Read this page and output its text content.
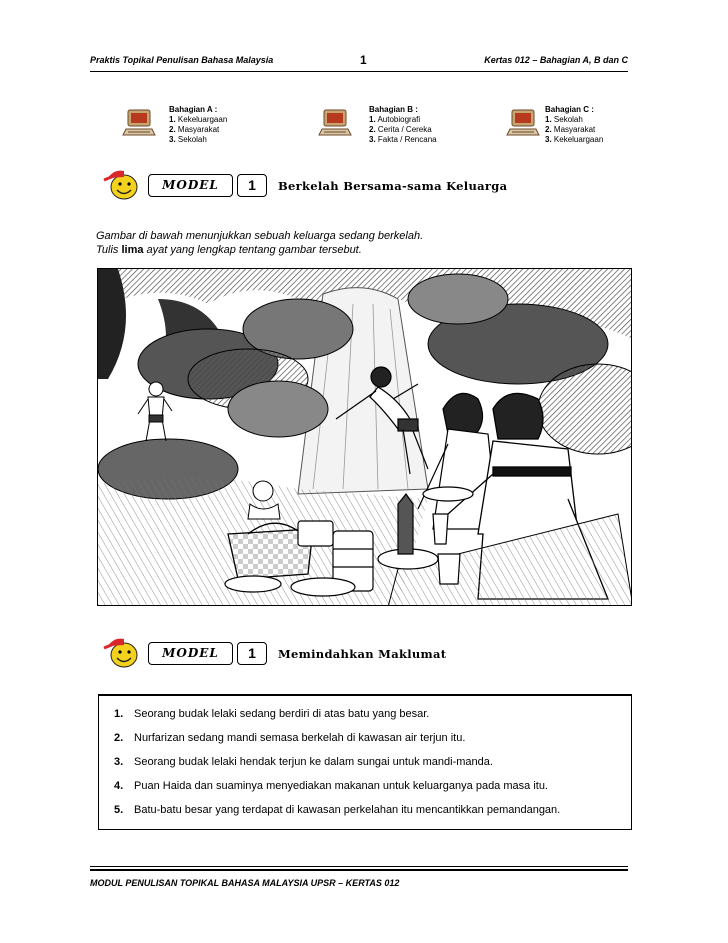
Praktis Topikal Penulisan Bahasa Malaysia	1	Kertas 012 – Bahagian A, B dan C
Bahagian A :
1. Kekeluargaan
2. Masyarakat
3. Sekolah
Bahagian B :
1. Autobiografi
2. Cerita / Cereka
3. Fakta / Rencana
Bahagian C :
1. Sekolah
2. Masyarakat
3. Kekeluargaan
MODEL	1	Berkelah Bersama-sama Keluarga
Gambar di bawah menunjukkan sebuah keluarga sedang berkelah.
Tulis lima ayat yang lengkap tentang gambar tersebut.
MODEL	1	Memindahkan Maklumat
1. Seorang budak lelaki sedang berdiri di atas batu yang besar.
2. Nurfarizan sedang mandi semasa berkelah di kawasan air terjun itu.
3. Seorang budak lelaki hendak terjun ke dalam sungai untuk mandi-manda.
4. Puan Haida dan suaminya menyediakan makanan untuk keluarganya pada masa itu.
5. Batu-batu besar yang terdapat di kawasan perkelahan itu mencantikkan pemandangan.
MODUL PENULISAN TOPIKAL BAHASA MALAYSIA UPSR – KERTAS 012
